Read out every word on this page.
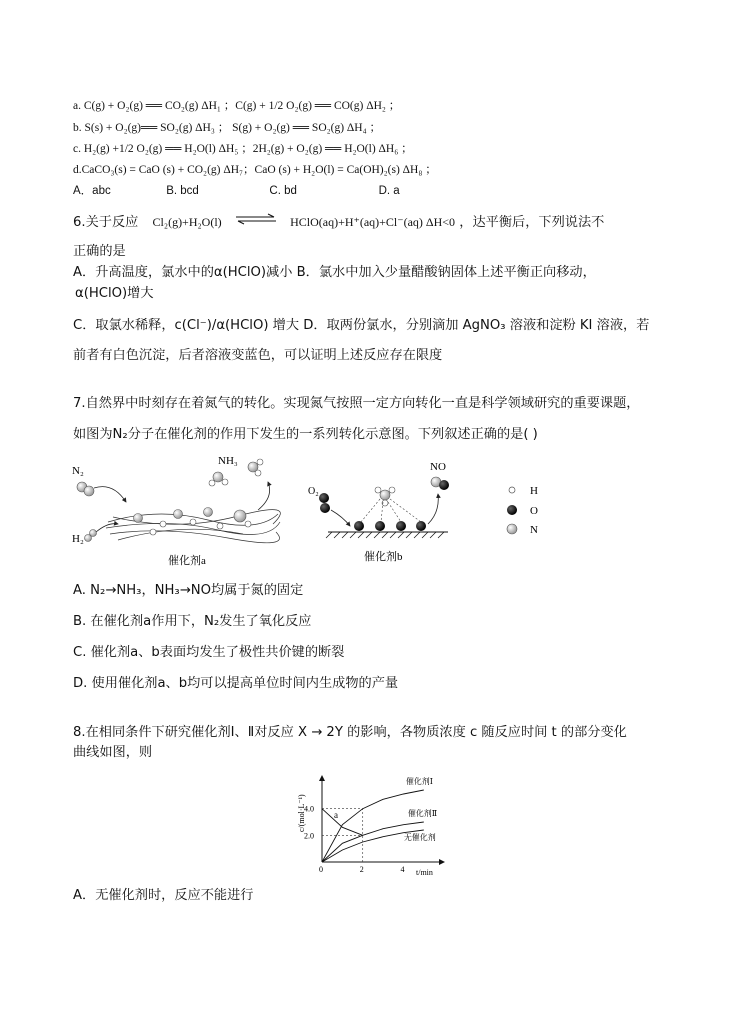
a. C(g) + O₂(g) ══ CO₂(g) ΔH₁ ；C(g) + 1/2 O₂(g) ══ CO(g) ΔH₂ ；
b. S(s) + O₂(g)══ SO₂(g) ΔH₃ ； S(g) + O₂(g) ══ SO₂(g) ΔH₄ ；
c. H₂(g) +1/2 O₂(g) ══ H₂O(l) ΔH₅ ；2H₂(g) + O₂(g) ══ H₂O(l) ΔH₆ ；
d.CaCO₃(s) = CaO (s) + CO₂(g) ΔH₇；CaO (s) + H₂O(l) = Ca(OH)₂(s) ΔH₈ ；
A．abc	B. bcd	C. bd	D. a
6.关于反应 Cl₂(g)+H₂O(l) ⇌ HClO(aq)+H⁺(aq)+Cl⁻(aq) ΔH<0 ，达平衡后，下列说法不
正确的是
A．升高温度，氯水中的α(HClO)减小 B．氯水中加入少量醋酸钠固体上述平衡正向移动，
α(HClO)增大
C．取氯水稀释，c(Cl⁻)/α(HClO) 增大 D．取两份氯水，分别滴加 AgNO₃ 溶液和淀粉 KI 溶液，若
前者有白色沉淀，后者溶液变蓝色，可以证明上述反应存在限度
7.自然界中时刻存在着氮气的转化。实现氮气按照一定方向转化一直是科学领域研究的重要课题，
如图为N₂分子在催化剂的作用下发生的一系列转化示意图。下列叙述正确的是( )
N₂
H₂
催化剂a
NH₃
O₂
催化剂b
NO
H
O
N
A. N₂→NH₃，NH₃→NO均属于氮的固定
B. 在催化剂a作用下，N₂发生了氧化反应
C. 催化剂a、b表面均发生了极性共价键的断裂
D. 使用催化剂a、b均可以提高单位时间内生成物的产量
8.在相同条件下研究催化剂Ⅰ、Ⅱ对反应 X → 2Y 的影响，各物质浓度 c 随反应时间 t 的部分变化
曲线如图，则
c/(mol·L⁻¹)
t/min
0	2	4
2.0
4.0
催化剂Ⅰ
催化剂Ⅱ
无催化剂
a
A．无催化剂时，反应不能进行
